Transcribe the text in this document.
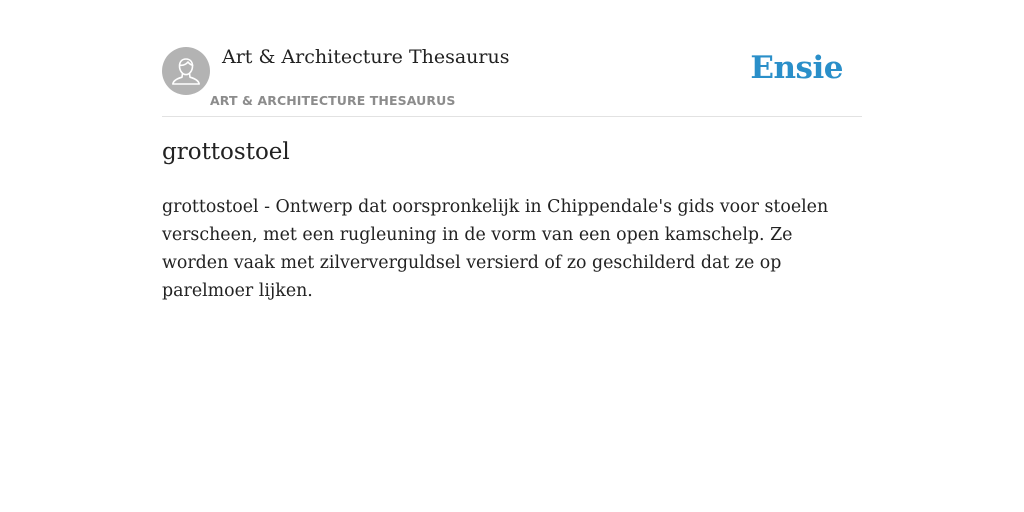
Art & Architecture Thesaurus
ART & ARCHITECTURE THESAURUS
Ensie
grottostoel

grottostoel - Ontwerp dat oorspronkelijk in Chippendale's gids voor stoelen verscheen, met een rugleuning in de vorm van een open kamschelp. Ze worden vaak met zilververguldsel versierd of zo geschilderd dat ze op parelmoer lijken.
